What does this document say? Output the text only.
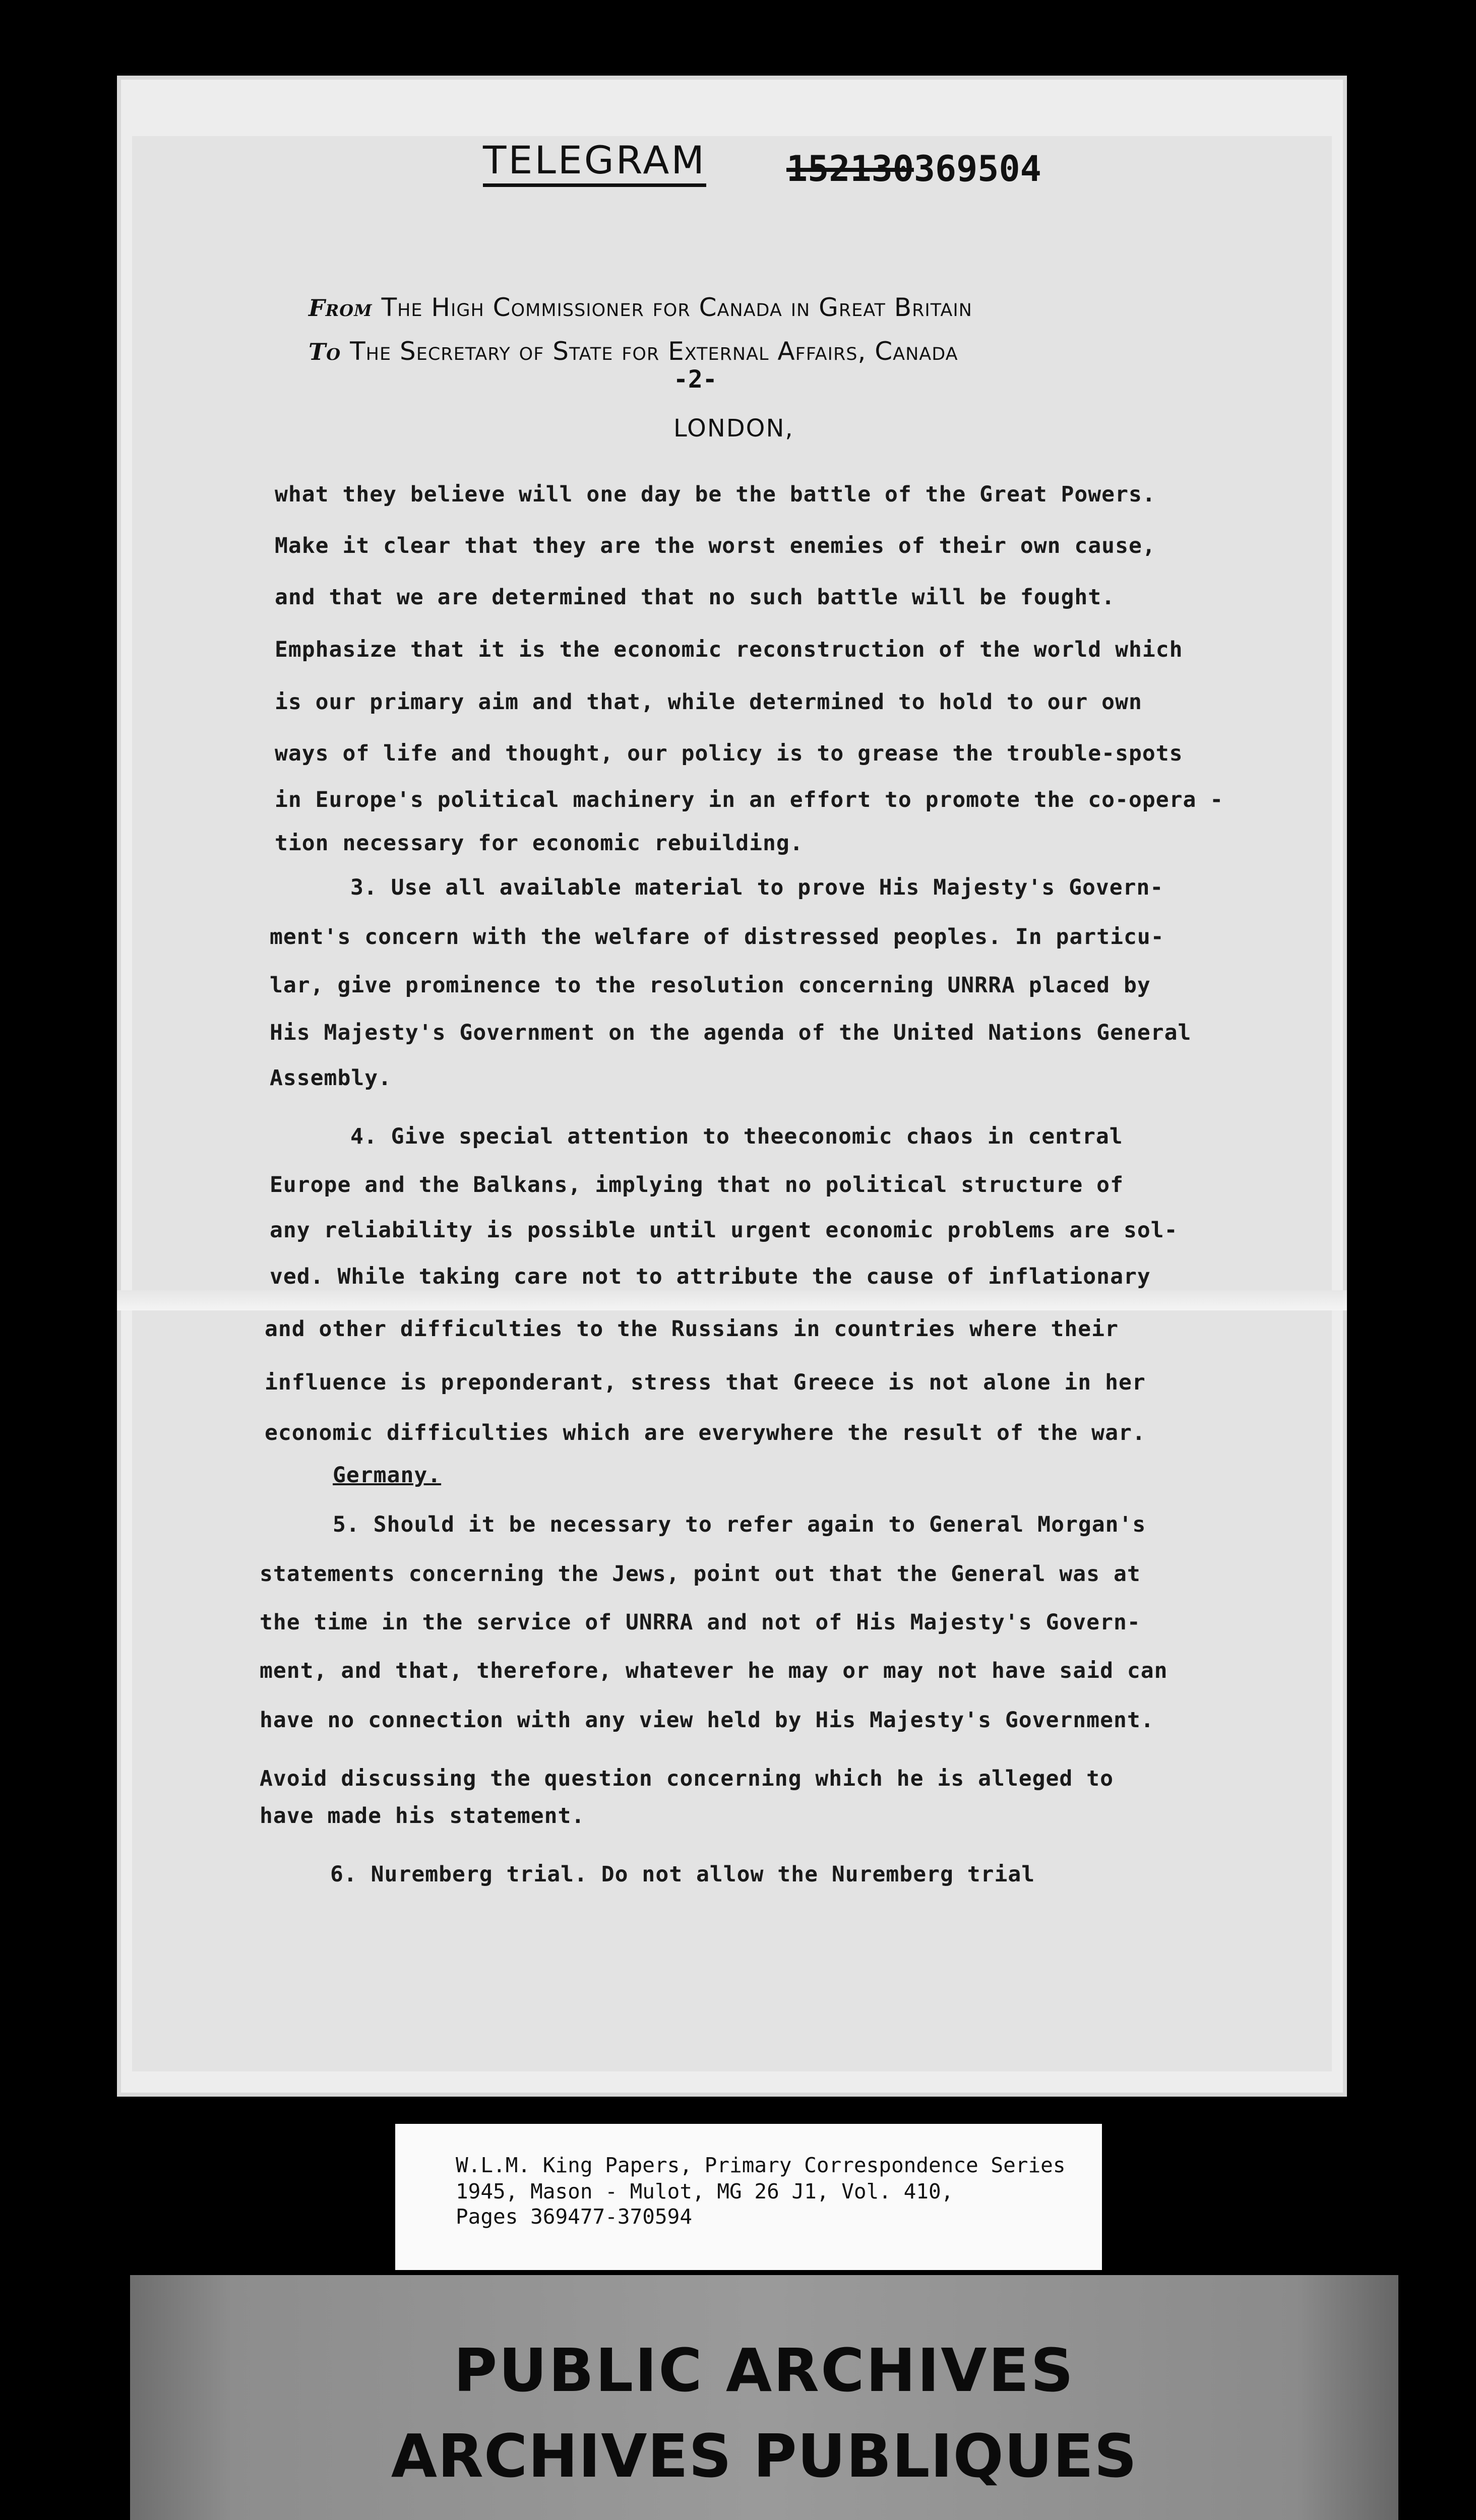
TELEGRAM 152130369504
From The High Commissioner for Canada in Great Britain
To The Secretary of State for External Affairs, Canada
-2-
LONDON,
what they believe will one day be the battle of the Great Powers.
Make it clear that they are the worst enemies of their own cause,
and that we are determined that no such battle will be fought.
Emphasize that it is the economic reconstruction of the world which
is our primary aim and that, while determined to hold to our own
ways of life and thought, our policy is to grease the trouble-spots
in Europe's political machinery in an effort to promote the co-opera -
tion necessary for economic rebuilding.
3. Use all available material to prove His Majesty's Govern-
ment's concern with the welfare of distressed peoples. In particu-
lar, give prominence to the resolution concerning UNRRA placed by
His Majesty's Government on the agenda of the United Nations General
Assembly.
4. Give special attention to theeconomic chaos in central
Europe and the Balkans, implying that no political structure of
any reliability is possible until urgent economic problems are sol-
ved. While taking care not to attribute the cause of inflationary
and other difficulties to the Russians in countries where their
influence is preponderant, stress that Greece is not alone in her
economic difficulties which are everywhere the result of the war.
Germany.
5. Should it be necessary to refer again to General Morgan's
statements concerning the Jews, point out that the General was at
the time in the service of UNRRA and not of His Majesty's Govern-
ment, and that, therefore, whatever he may or may not have said can
have no connection with any view held by His Majesty's Government.
Avoid discussing the question concerning which he is alleged to
have made his statement.
6. Nuremberg trial. Do not allow the Nuremberg trial
W.L.M. King Papers, Primary Correspondence Series
1945, Mason - Mulot, MG 26 J1, Vol. 410,
Pages 369477-370594
PUBLIC ARCHIVES
ARCHIVES PUBLIQUES
